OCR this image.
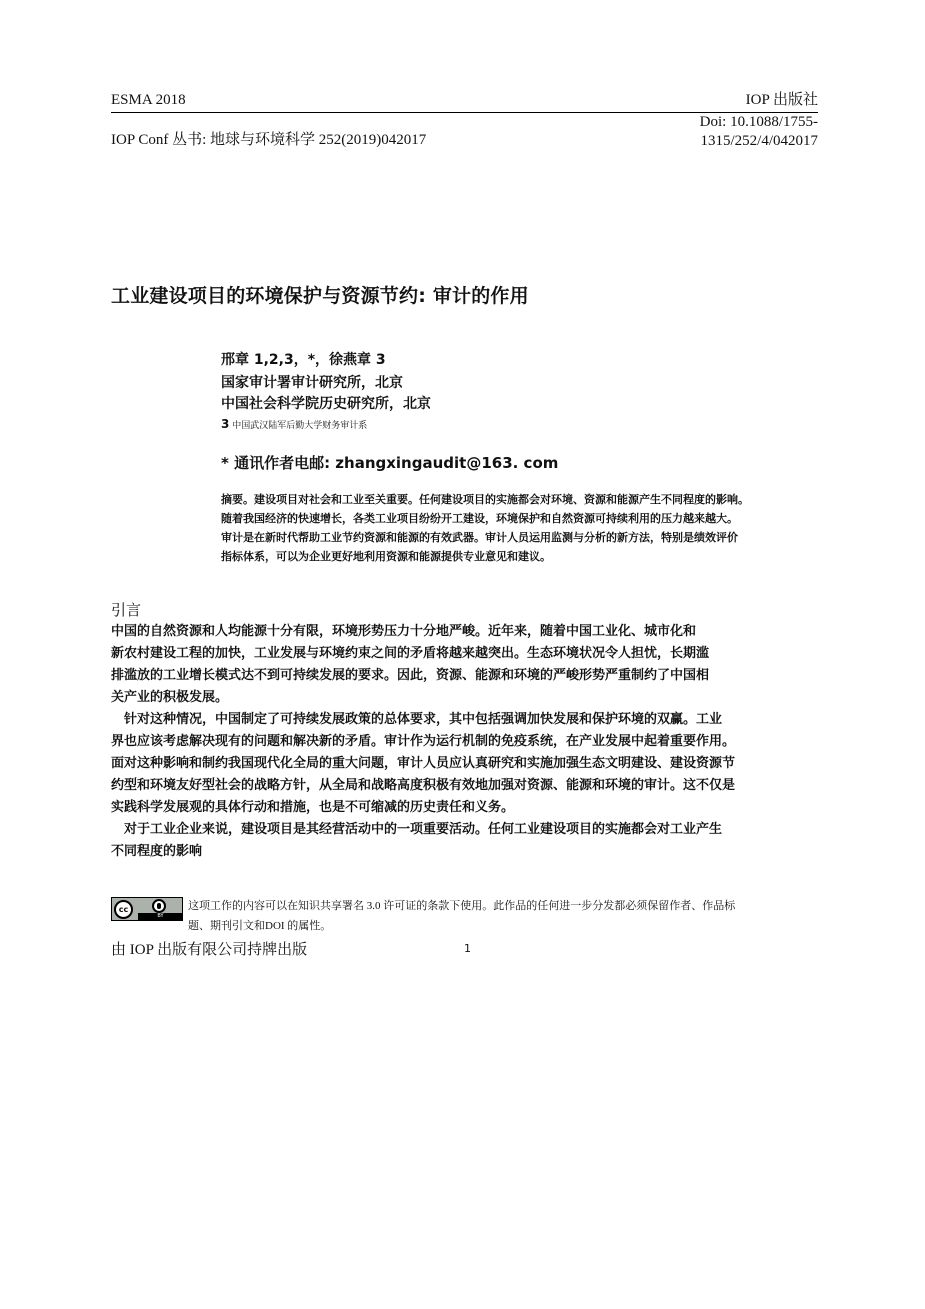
ESMA 2018	IOP 出版社
IOP Conf 丛书: 地球与环境科学 252(2019)042017
Doi: 10.1088/1755-
1315/252/4/042017
工业建设项目的环境保护与资源节约: 审计的作用
邢章 1,2,3，*，徐燕章 3
国家审计署审计研究所，北京
中国社会科学院历史研究所，北京
3 中国武汉陆军后勤大学财务审计系
* 通讯作者电邮: zhangxingaudit@163. com

摘要。建设项目对社会和工业至关重要。任何建设项目的实施都会对环境、资源和能源产生不同程度的影响。

随着我国经济的快速增长，各类工业项目纷纷开工建设，环境保护和自然资源可持续利用的压力越来越大。

审计是在新时代帮助工业节约资源和能源的有效武器。审计人员运用监测与分析的新方法，特别是绩效评价

指标体系，可以为企业更好地利用资源和能源提供专业意见和建议。

引言

中国的自然资源和人均能源十分有限，环境形势压力十分地严峻。近年来，随着中国工业化、城市化和

新农村建设工程的加快，工业发展与环境约束之间的矛盾将越来越突出。生态环境状况令人担忧，长期滥

排滥放的工业增长模式达不到可持续发展的要求。因此，资源、能源和环境的严峻形势严重制约了中国相

关产业的积极发展。

　针对这种情况，中国制定了可持续发展政策的总体要求，其中包括强调加快发展和保护环境的双赢。工业

界也应该考虑解决现有的问题和解决新的矛盾。审计作为运行机制的免疫系统，在产业发展中起着重要作用。

面对这种影响和制约我国现代化全局的重大问题，审计人员应认真研究和实施加强生态文明建设、建设资源节

约型和环境友好型社会的战略方针，从全局和战略高度积极有效地加强对资源、能源和环境的审计。这不仅是

实践科学发展观的具体行动和措施，也是不可缩减的历史责任和义务。

　对于工业企业来说，建设项目是其经营活动中的一项重要活动。任何工业建设项目的实施都会对工业产生

不同程度的影响

cc
BY

这项工作的内容可以在知识共享署名 3.0 许可证的条款下使用。此作品的任何进一步分发都必须保留作者、作品标

题、期刊引文和DOI 的属性。

由 IOP 出版有限公司持牌出版	1
